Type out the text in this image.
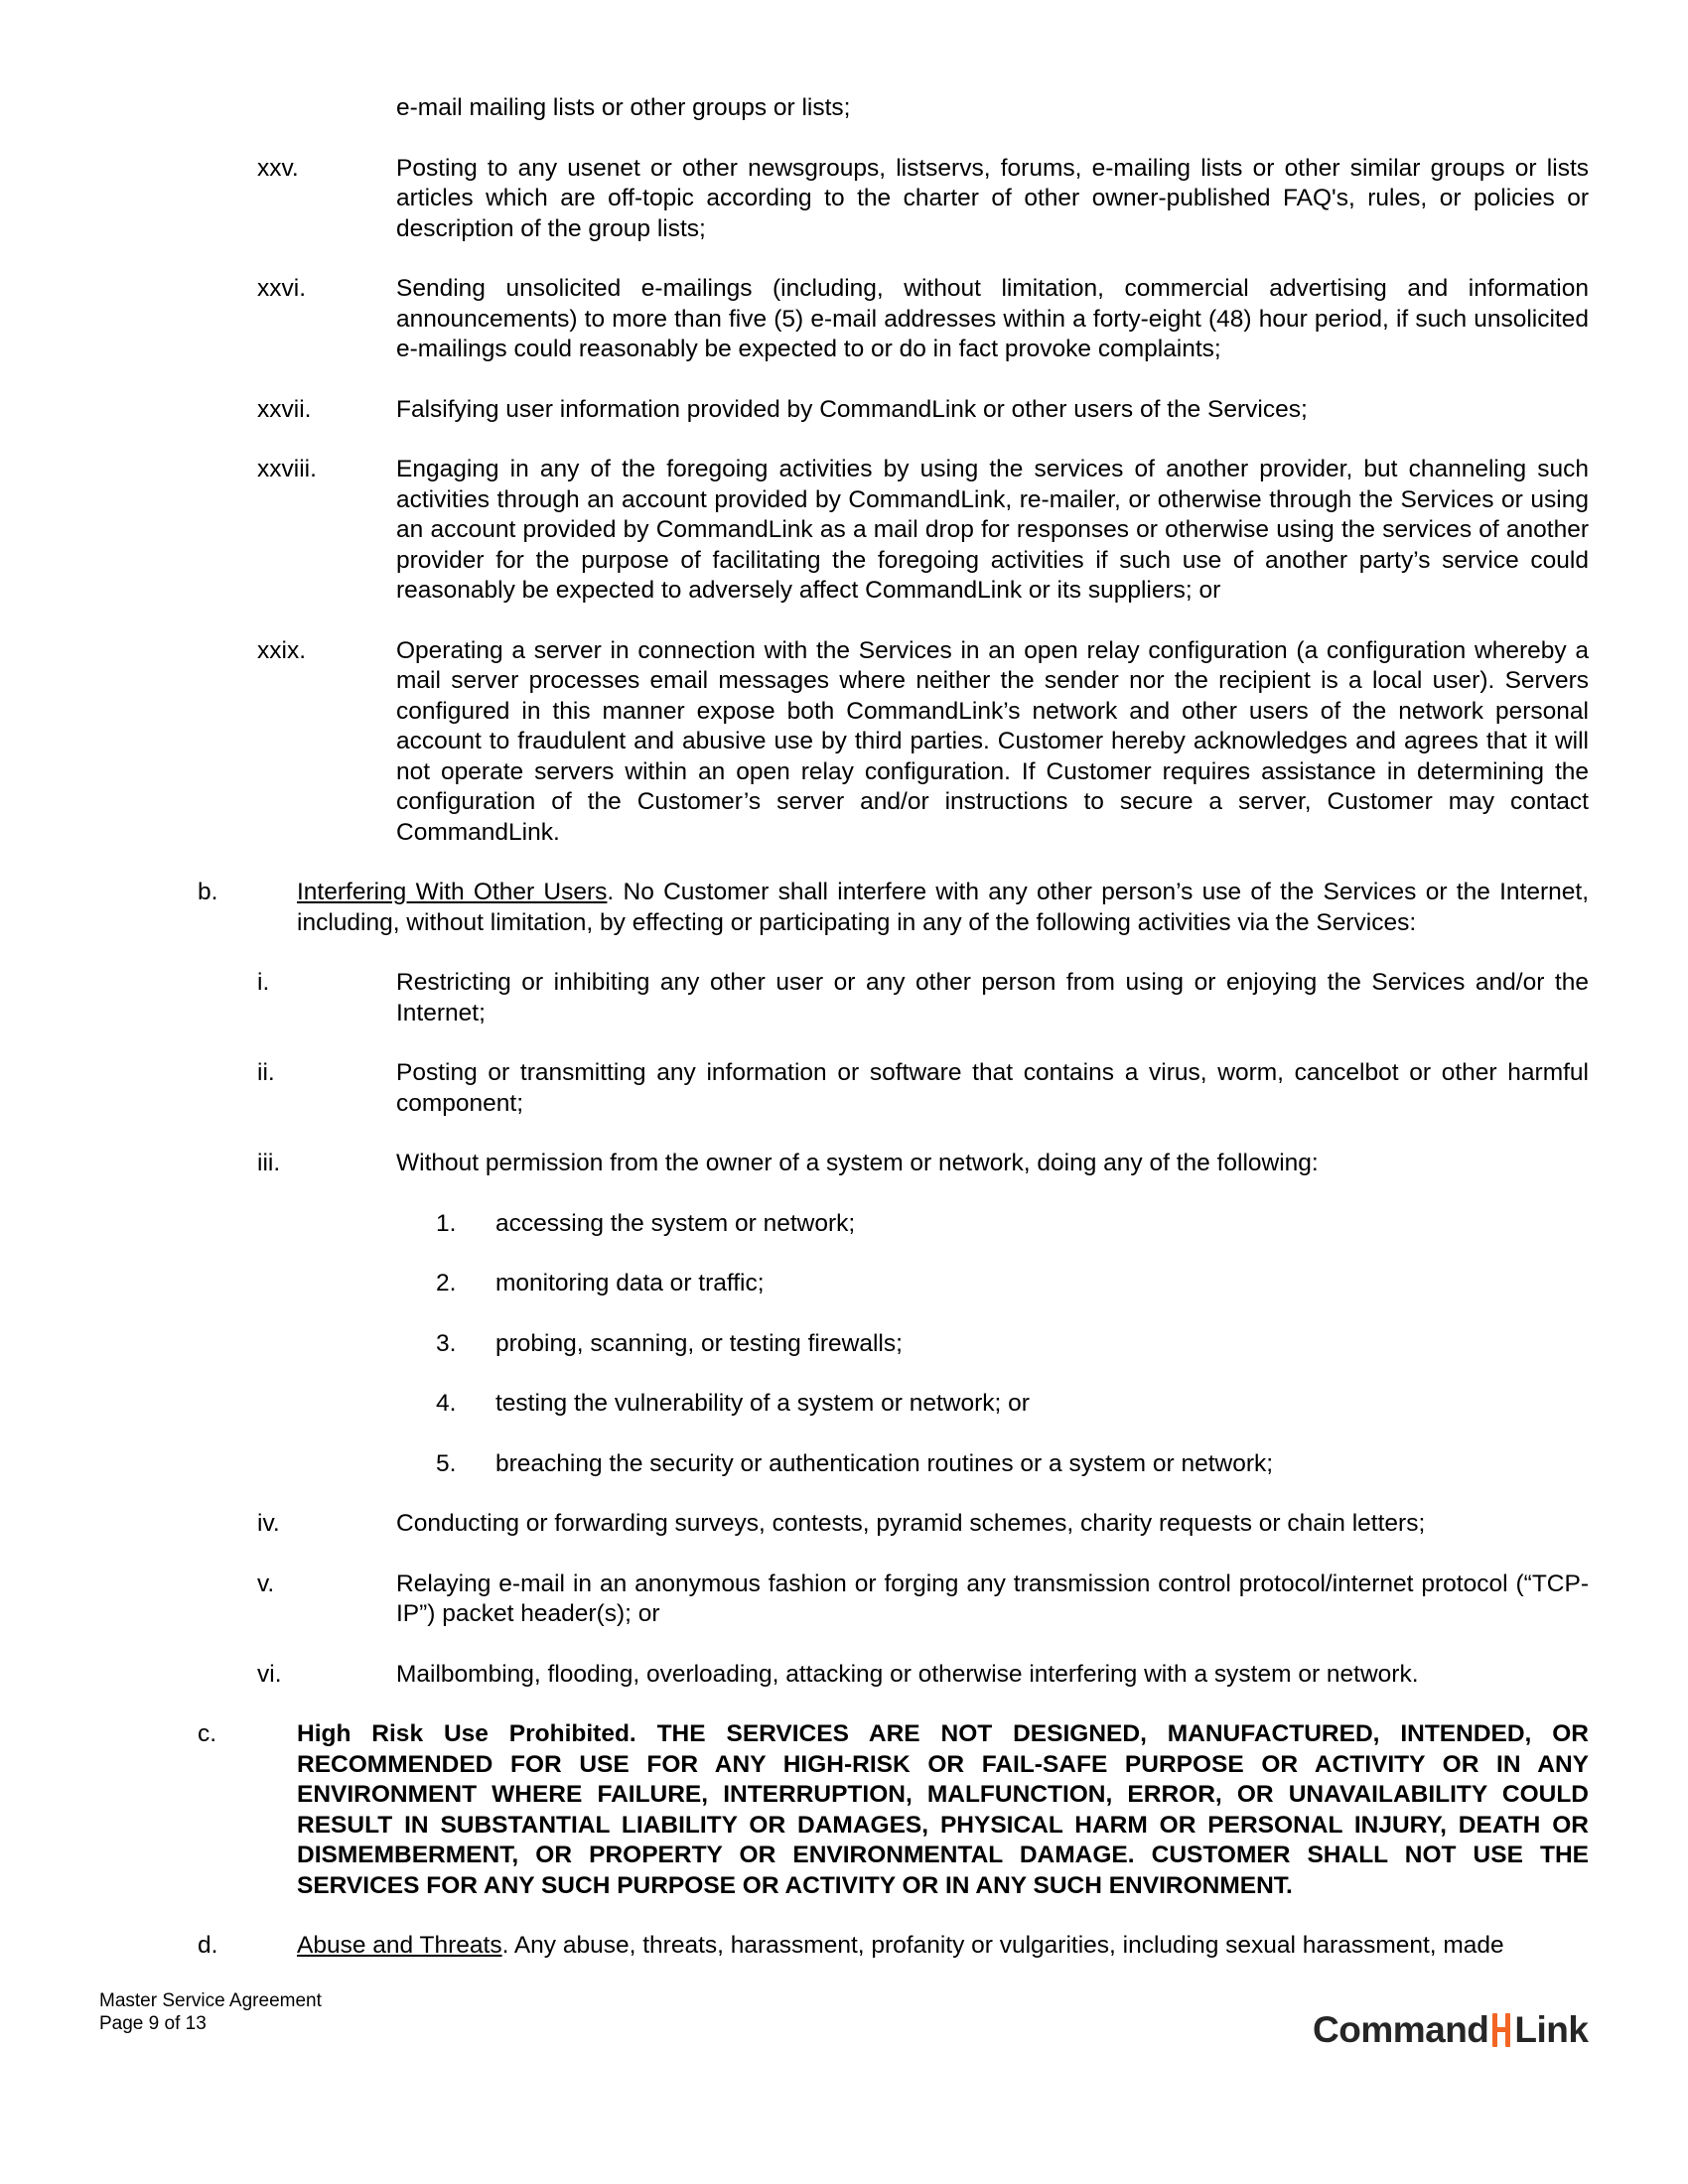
e-mail mailing lists or other groups or lists;
xxv.	Posting to any usenet or other newsgroups, listservs, forums, e-mailing lists or other similar groups or lists articles which are off-topic according to the charter of other owner-published FAQ's, rules, or policies or description of the group lists;
xxvi.	Sending unsolicited e-mailings (including, without limitation, commercial advertising and information announcements) to more than five (5) e-mail addresses within a forty-eight (48) hour period, if such unsolicited e-mailings could reasonably be expected to or do in fact provoke complaints;
xxvii.	Falsifying user information provided by CommandLink or other users of the Services;
xxviii.	Engaging in any of the foregoing activities by using the services of another provider, but channeling such activities through an account provided by CommandLink, re-mailer, or otherwise through the Services or using an account provided by CommandLink as a mail drop for responses or otherwise using the services of another provider for the purpose of facilitating the foregoing activities if such use of another party’s service could reasonably be expected to adversely affect CommandLink or its suppliers; or
xxix.	Operating a server in connection with the Services in an open relay configuration (a configuration whereby a mail server processes email messages where neither the sender nor the recipient is a local user). Servers configured in this manner expose both CommandLink’s network and other users of the network personal account to fraudulent and abusive use by third parties. Customer hereby acknowledges and agrees that it will not operate servers within an open relay configuration. If Customer requires assistance in determining the configuration of the Customer’s server and/or instructions to secure a server, Customer may contact CommandLink.
b.	Interfering With Other Users. No Customer shall interfere with any other person’s use of the Services or the Internet, including, without limitation, by effecting or participating in any of the following activities via the Services:
i.	Restricting or inhibiting any other user or any other person from using or enjoying the Services and/or the Internet;
ii.	Posting or transmitting any information or software that contains a virus, worm, cancelbot or other harmful component;
iii.	Without permission from the owner of a system or network, doing any of the following:
1.	accessing the system or network;
2.	monitoring data or traffic;
3.	probing, scanning, or testing firewalls;
4.	testing the vulnerability of a system or network; or
5.	breaching the security or authentication routines or a system or network;
iv.	Conducting or forwarding surveys, contests, pyramid schemes, charity requests or chain letters;
v.	Relaying e-mail in an anonymous fashion or forging any transmission control protocol/internet protocol (“TCP-IP”) packet header(s); or
vi.	Mailbombing, flooding, overloading, attacking or otherwise interfering with a system or network.
c.	High Risk Use Prohibited. THE SERVICES ARE NOT DESIGNED, MANUFACTURED, INTENDED, OR RECOMMENDED FOR USE FOR ANY HIGH-RISK OR FAIL-SAFE PURPOSE OR ACTIVITY OR IN ANY ENVIRONMENT WHERE FAILURE, INTERRUPTION, MALFUNCTION, ERROR, OR UNAVAILABILITY COULD RESULT IN SUBSTANTIAL LIABILITY OR DAMAGES, PHYSICAL HARM OR PERSONAL INJURY, DEATH OR DISMEMBERMENT, OR PROPERTY OR ENVIRONMENTAL DAMAGE. CUSTOMER SHALL NOT USE THE SERVICES FOR ANY SUCH PURPOSE OR ACTIVITY OR IN ANY SUCH ENVIRONMENT.
d.	Abuse and Threats. Any abuse, threats, harassment, profanity or vulgarities, including sexual harassment, made
Master Service Agreement
Page 9 of 13	Command Link
